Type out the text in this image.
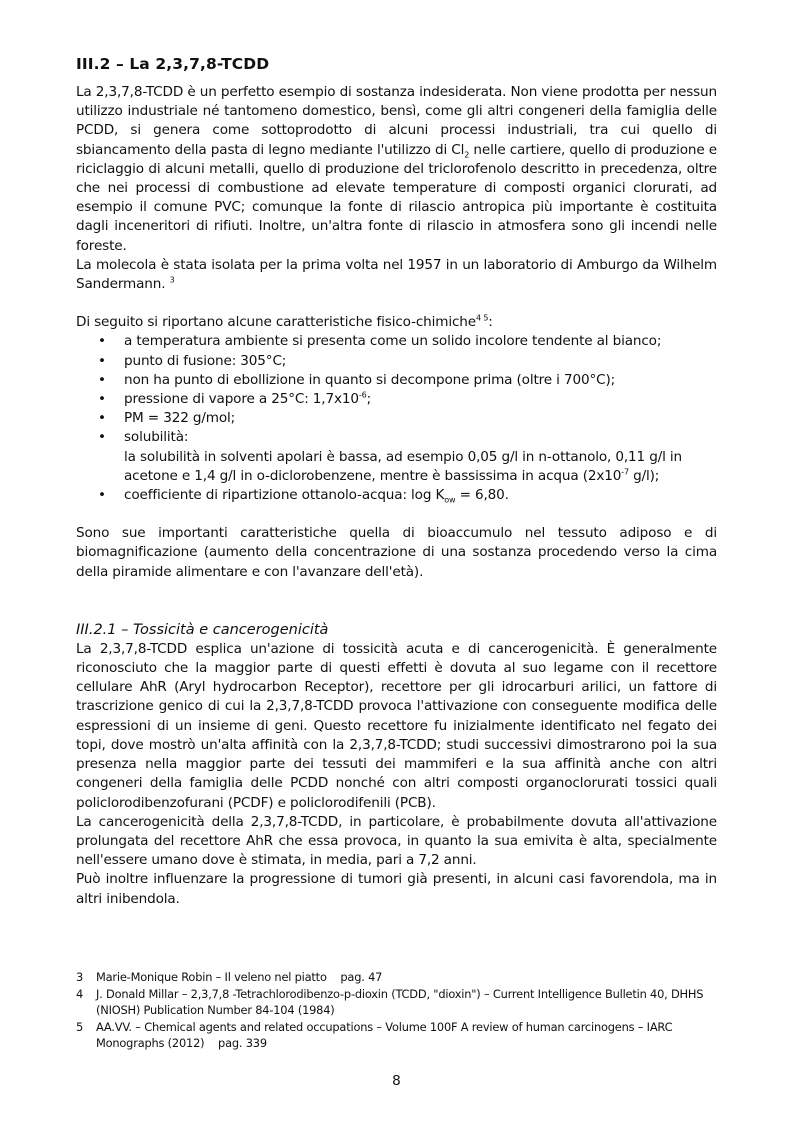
III.2 – La 2,3,7,8-TCDD

La 2,3,7,8-TCDD è un perfetto esempio di sostanza indesiderata. Non viene prodotta per nessun utilizzo industriale né tantomeno domestico, bensì, come gli altri congeneri della famiglia delle PCDD, si genera come sottoprodotto di alcuni processi industriali, tra cui quello di sbiancamento della pasta di legno mediante l'utilizzo di $Cl_2$ nelle cartiere, quello di produzione e riciclaggio di alcuni metalli, quello di produzione del triclorofenolo descritto in precedenza, oltre che nei processi di combustione ad elevate temperature di composti organici clorurati, ad esempio il comune PVC; comunque la fonte di rilascio antropica più importante è costituita dagli inceneritori di rifiuti. Inoltre, un'altra fonte di rilascio in atmosfera sono gli incendi nelle foreste.

La molecola è stata isolata per la prima volta nel 1957 in un laboratorio di Amburgo da Wilhelm Sandermann. $^3$

Di seguito si riportano alcune caratteristiche fisico-chimiche$^{4 5}$:

• a temperatura ambiente si presenta come un solido incolore tendente al bianco;
• punto di fusione: 305°C;
• non ha punto di ebollizione in quanto si decompone prima (oltre i 700°C);
• pressione di vapore a 25°C: $1,7x10^{-6}$;
• PM = 322 g/mol;
• solubilità:
la solubilità in solventi apolari è bassa, ad esempio 0,05 g/l in n-ottanolo, 0,11 g/l in acetone e 1,4 g/l in o-diclorobenzene, mentre è bassissima in acqua ($2x10^{-7}$ g/l);
• coefficiente di ripartizione ottanolo-acqua: $\log K_{ow} = 6,80$.

Sono sue importanti caratteristiche quella di bioaccumulo nel tessuto adiposo e di biomagnificazione (aumento della concentrazione di una sostanza procedendo verso la cima della piramide alimentare e con l'avanzare dell'età).

III.2.1 – Tossicità e cancerogenicità

La 2,3,7,8-TCDD esplica un'azione di tossicità acuta e di cancerogenicità. È generalmente riconosciuto che la maggior parte di questi effetti è dovuta al suo legame con il recettore cellulare AhR (Aryl hydrocarbon Receptor), recettore per gli idrocarburi arilici, un fattore di trascrizione genico di cui la 2,3,7,8-TCDD provoca l'attivazione con conseguente modifica delle espressioni di un insieme di geni. Questo recettore fu inizialmente identificato nel fegato dei topi, dove mostrò un'alta affinità con la 2,3,7,8-TCDD; studi successivi dimostrarono poi la sua presenza nella maggior parte dei tessuti dei mammiferi e la sua affinità anche con altri congeneri della famiglia delle PCDD nonché con altri composti organoclorurati tossici quali policlorodibenzofurani (PCDF) e policlorodifenili (PCB).

La cancerogenicità della 2,3,7,8-TCDD, in particolare, è probabilmente dovuta all'attivazione prolungata del recettore AhR che essa provoca, in quanto la sua emivita è alta, specialmente nell'essere umano dove è stimata, in media, pari a 7,2 anni.

Può inoltre influenzare la progressione di tumori già presenti, in alcuni casi favorendola, ma in altri inibendola.

3 Marie-Monique Robin – Il veleno nel piatto    pag. 47
4 J. Donald Millar – 2,3,7,8 -Tetrachlorodibenzo-p-dioxin (TCDD, "dioxin") – Current Intelligence Bulletin 40, DHHS (NIOSH) Publication Number 84-104 (1984)
5 AA.VV. – Chemical agents and related occupations – Volume 100F A review of human carcinogens – IARC Monographs (2012)    pag. 339
8
